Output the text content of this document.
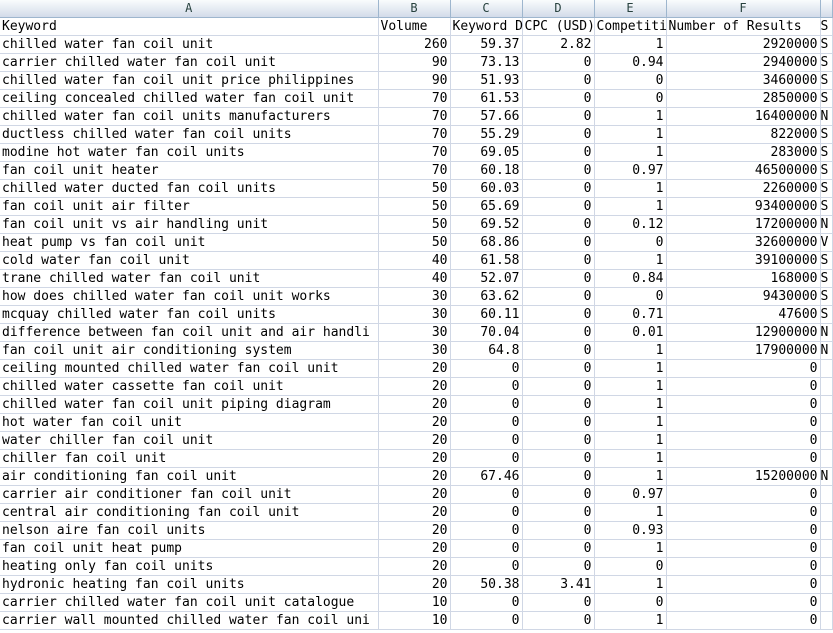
A	B	C	D	E	F	
Keyword	Volume	Keyword D	CPC (USD)	Competiti	Number of Results	S
chilled water fan coil unit	260	59.37	2.82	1	2920000	S
carrier chilled water fan coil unit	90	73.13	0	0.94	2940000	S
chilled water fan coil unit price philippines	90	51.93	0	0	3460000	S
ceiling concealed chilled water fan coil unit	70	61.53	0	0	2850000	S
chilled water fan coil units manufacturers	70	57.66	0	1	16400000	N
ductless chilled water fan coil units	70	55.29	0	1	822000	S
modine hot water fan coil units	70	69.05	0	1	283000	S
fan coil unit heater	70	60.18	0	0.97	46500000	S
chilled water ducted fan coil units	50	60.03	0	1	2260000	S
fan coil unit air filter	50	65.69	0	1	93400000	S
fan coil unit vs air handling unit	50	69.52	0	0.12	17200000	N
heat pump vs fan coil unit	50	68.86	0	0	32600000	V
cold water fan coil unit	40	61.58	0	1	39100000	S
trane chilled water fan coil unit	40	52.07	0	0.84	168000	S
how does chilled water fan coil unit works	30	63.62	0	0	9430000	S
mcquay chilled water fan coil units	30	60.11	0	0.71	47600	S
difference between fan coil unit and air handli	30	70.04	0	0.01	12900000	N
fan coil unit air conditioning system	30	64.8	0	1	17900000	N
ceiling mounted chilled water fan coil unit	20	0	0	1	0	
chilled water cassette fan coil unit	20	0	0	1	0	
chilled water fan coil unit piping diagram	20	0	0	1	0	
hot water fan coil unit	20	0	0	1	0	
water chiller fan coil unit	20	0	0	1	0	
chiller fan coil unit	20	0	0	1	0	
air conditioning fan coil unit	20	67.46	0	1	15200000	N
carrier air conditioner fan coil unit	20	0	0	0.97	0	
central air conditioning fan coil unit	20	0	0	1	0	
nelson aire fan coil units	20	0	0	0.93	0	
fan coil unit heat pump	20	0	0	1	0	
heating only fan coil units	20	0	0	0	0	
hydronic heating fan coil units	20	50.38	3.41	1	0	
carrier chilled water fan coil unit catalogue	10	0	0	0	0	
carrier wall mounted chilled water fan coil uni	10	0	0	1	0	
